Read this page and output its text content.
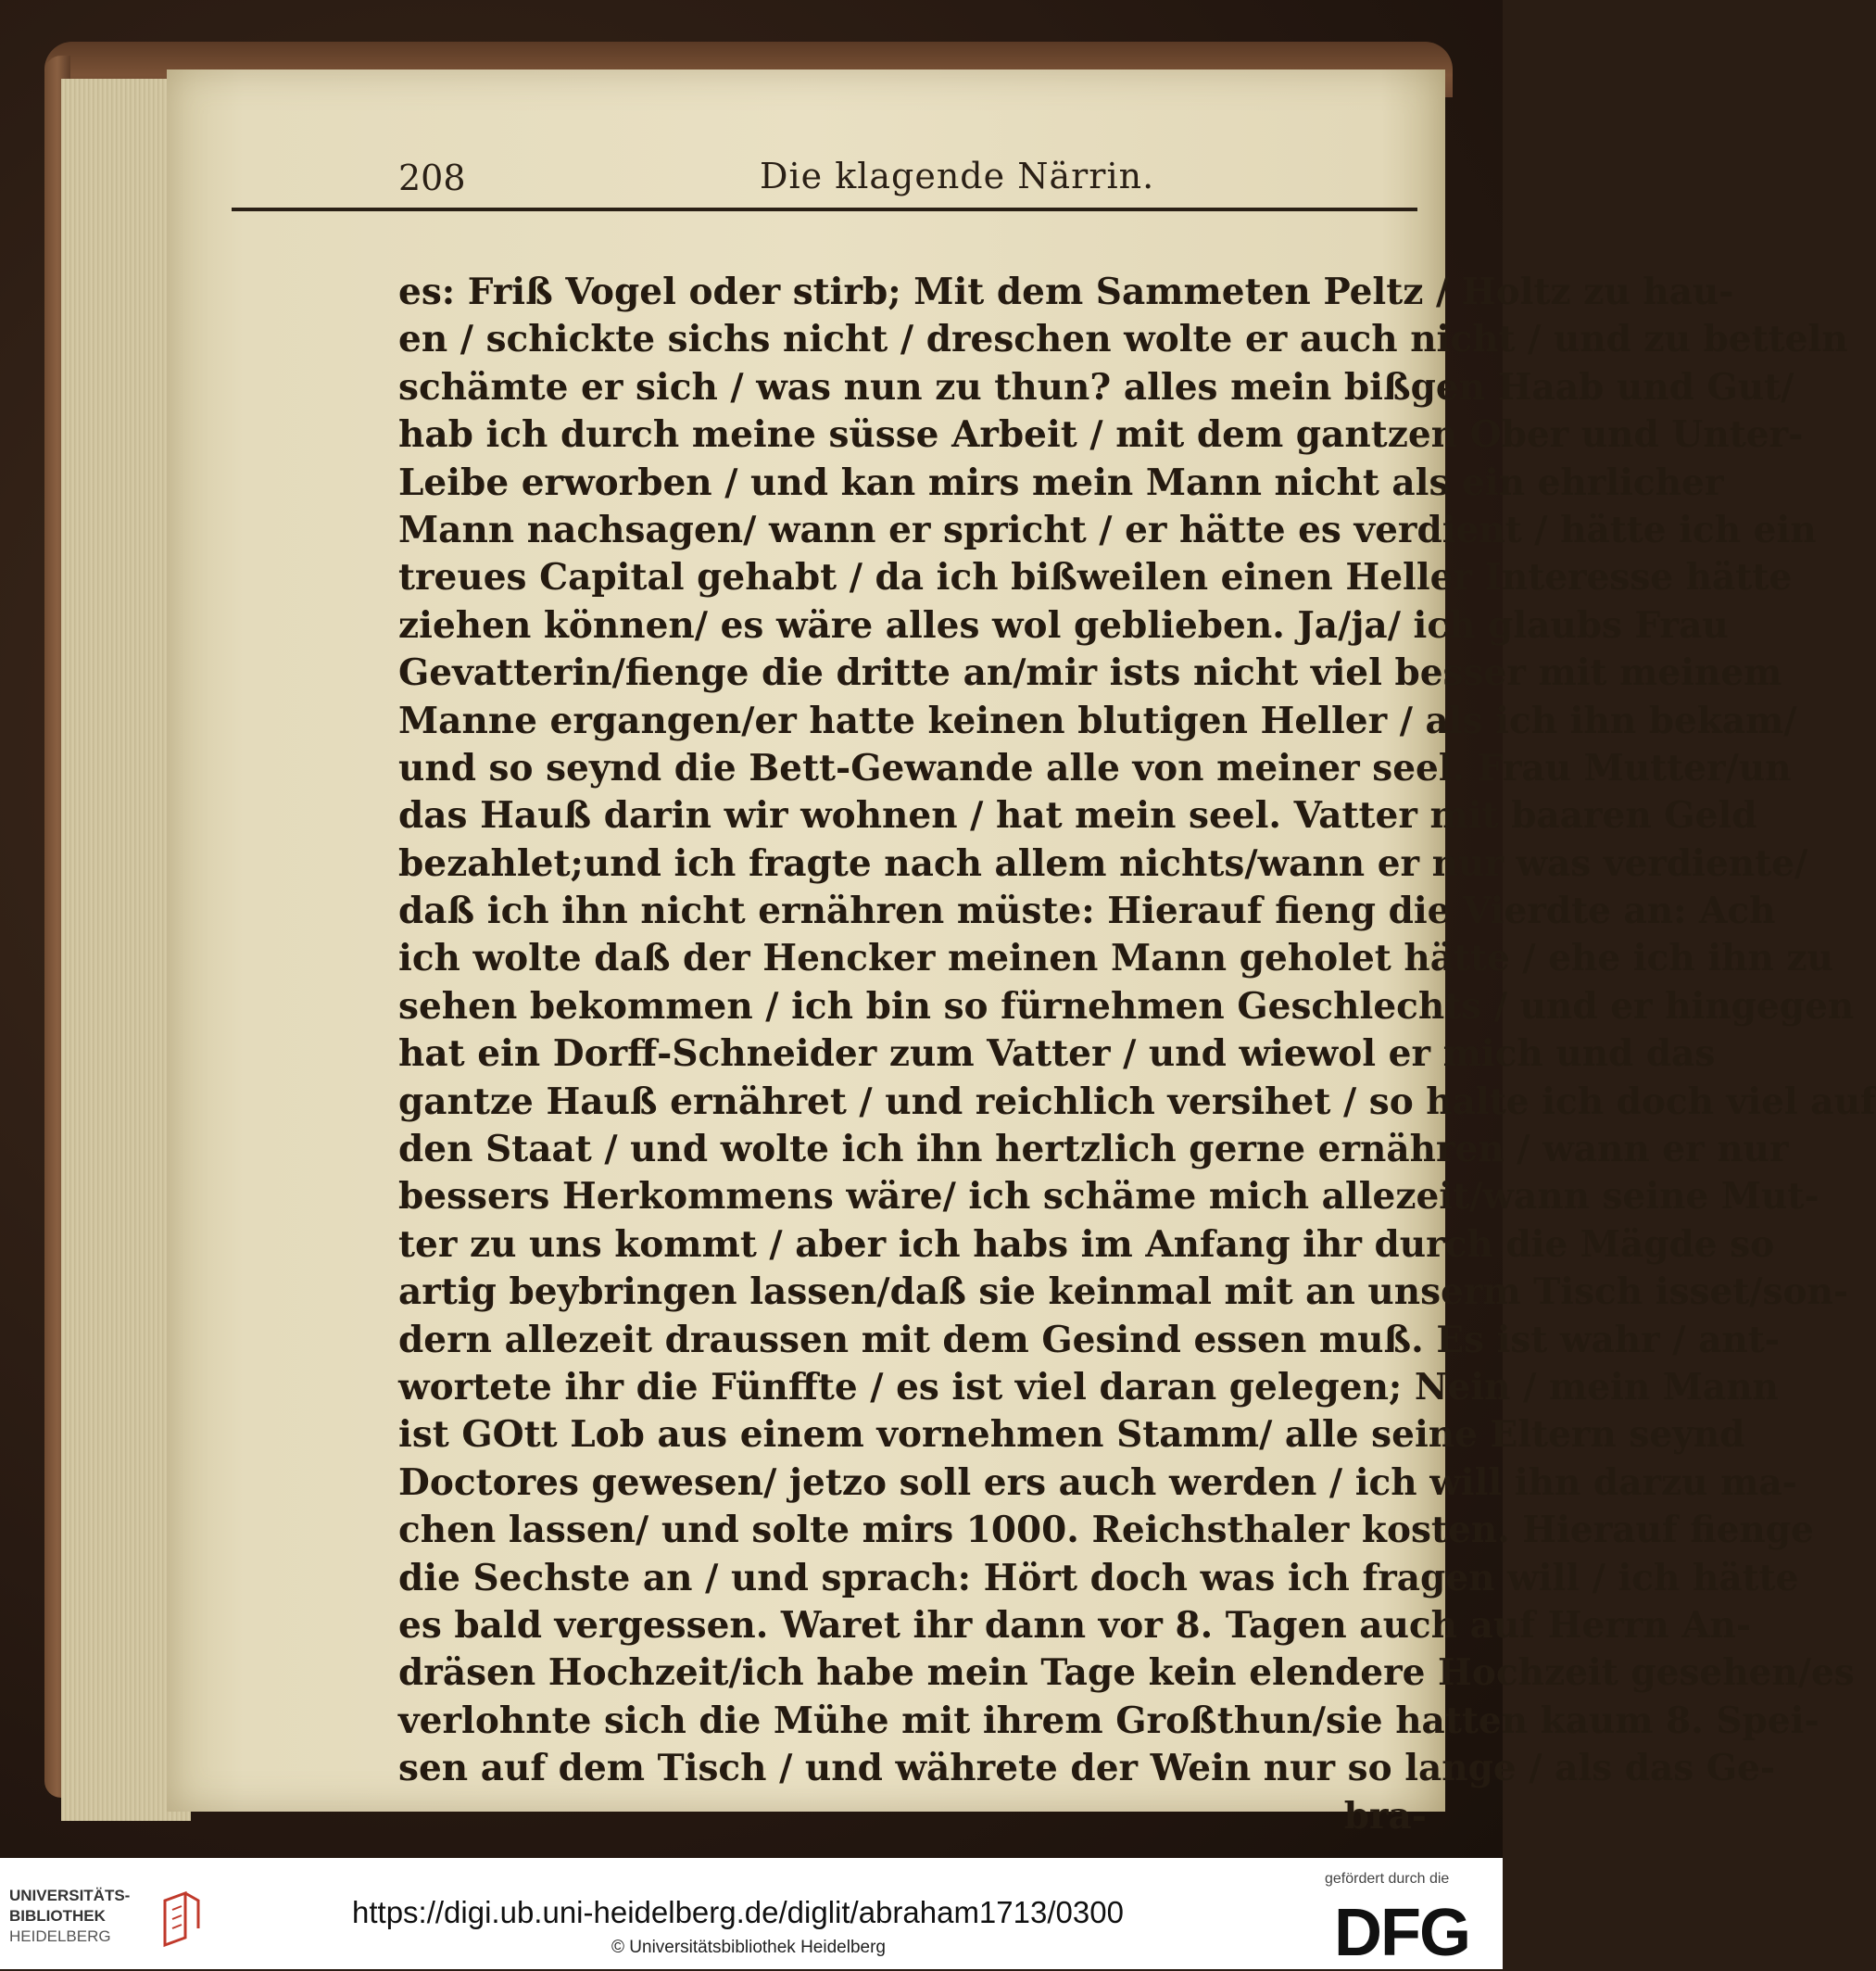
208	Die klagende Närrin.
es: Friß Vogel oder stirb; Mit dem Sammeten Peltz / Holtz zu hau-
en / schickte sichs nicht / dreschen wolte er auch nicht / und zu betteln
schämte er sich / was nun zu thun? alles mein bißgen Haab und Gut/
hab ich durch meine süsse Arbeit / mit dem gantzen Ober und Unter-
Leibe erworben / und kan mirs mein Mann nicht als ein ehrlicher
Mann nachsagen/ wann er spricht / er hätte es verdient / hätte ich ein
treues Capital gehabt / da ich bißweilen einen Heller Interesse hätte
ziehen können/ es wäre alles wol geblieben. Ja/ja/ ich glaubs Frau
Gevatterin/fienge die dritte an/mir ists nicht viel besser mit meinem
Manne ergangen/er hatte keinen blutigen Heller / als ich ihn bekam/
und so seynd die Bett-Gewande alle von meiner seel. Frau Mutter/un
das Hauß darin wir wohnen / hat mein seel. Vatter mit baaren Geld
bezahlet;und ich fragte nach allem nichts/wann er nur was verdiente/
daß ich ihn nicht ernähren müste: Hierauf fieng die Vierdte an: Ach
ich wolte daß der Hencker meinen Mann geholet hätte / ehe ich ihn zu
sehen bekommen / ich bin so fürnehmen Geschlechts / und er hingegen
hat ein Dorff-Schneider zum Vatter / und wiewol er mich und das
gantze Hauß ernähret / und reichlich versihet / so halte ich doch viel auf
den Staat / und wolte ich ihn hertzlich gerne ernähren / wann er nur
bessers Herkommens wäre/ ich schäme mich allezeit/wann seine Mut-
ter zu uns kommt / aber ich habs im Anfang ihr durch die Mägde so
artig beybringen lassen/daß sie keinmal mit an unserm Tisch isset/son-
dern allezeit draussen mit dem Gesind essen muß. Es ist wahr / ant-
wortete ihr die Fünffte / es ist viel daran gelegen; Nein / mein Mann
ist GOtt Lob aus einem vornehmen Stamm/ alle seine Eltern seynd
Doctores gewesen/ jetzo soll ers auch werden / ich will ihn darzu ma-
chen lassen/ und solte mirs 1000. Reichsthaler kosten. Hierauf fienge
die Sechste an / und sprach: Hört doch was ich fragen will / ich hätte
es bald vergessen. Waret ihr dann vor 8. Tagen auch auf Herrn An-
dräsen Hochzeit/ich habe mein Tage kein elendere Hochzeit gesehen/es
verlohnte sich die Mühe mit ihrem Großthun/sie hatten kaum 8. Spei-
sen auf dem Tisch / und währete der Wein nur so lange / als das Ge-
bra-
UNIVERSITÄTS-
BIBLIOTHEK
HEIDELBERG
https://digi.ub.uni-heidelberg.de/diglit/abraham1713/0300
© Universitätsbibliothek Heidelberg
gefördert durch die
DFG
